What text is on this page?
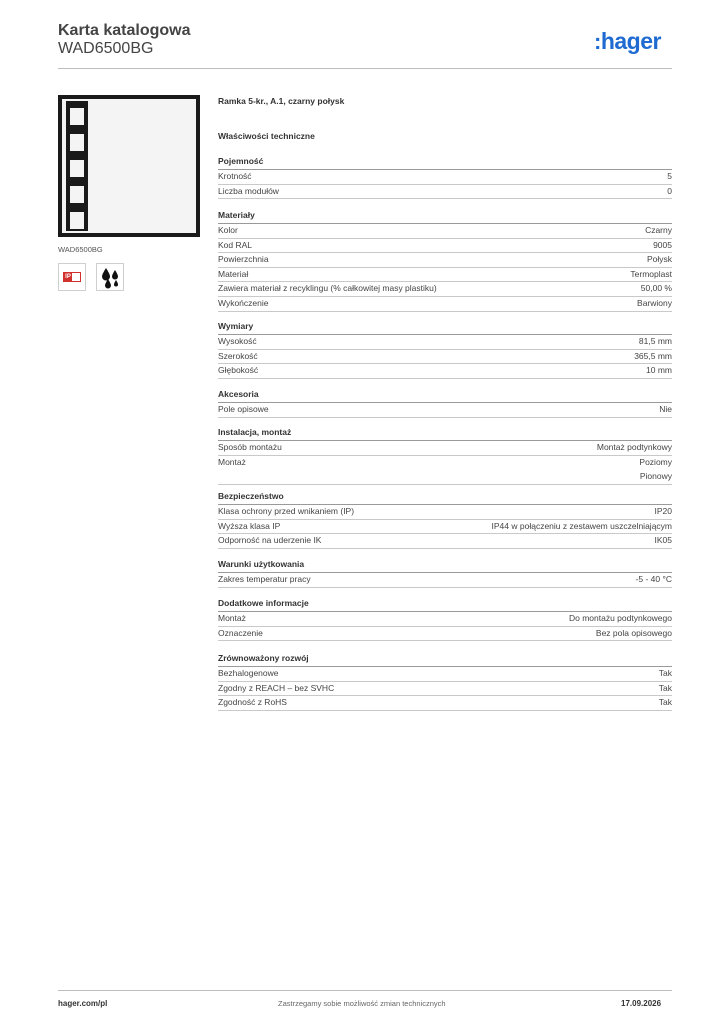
Karta katalogowa
WAD6500BG	:hager
WAD6500BG
IP
Ramka 5-kr., A.1, czarny połysk
Właściwości techniczne
Pojemność
Krotność	5
Liczba modułów	0
Materiały
Kolor	Czarny
Kod RAL	9005
Powierzchnia	Połysk
Materiał	Termoplast
Zawiera materiał z recyklingu (% całkowitej masy plastiku)	50,00 %
Wykończenie	Barwiony
Wymiary
Wysokość	81,5 mm
Szerokość	365,5 mm
Głębokość	10 mm
Akcesoria
Pole opisowe	Nie
Instalacja, montaż
Sposób montażu	Montaż podtynkowy
Montaż	Poziomy
Pionowy
Bezpieczeństwo
Klasa ochrony przed wnikaniem (IP)	IP20
Wyższa klasa IP	IP44 w połączeniu z zestawem uszczelniającym
Odporność na uderzenie IK	IK05
Warunki użytkowania
Zakres temperatur pracy	-5 - 40 °C
Dodatkowe informacje
Montaż	Do montażu podtynkowego
Oznaczenie	Bez pola opisowego
Zrównoważony rozwój
Bezhalogenowe	Tak
Zgodny z REACH – bez SVHC	Tak
Zgodność z RoHS	Tak
hager.com/pl	Zastrzegamy sobie możliwość zmian technicznych	17.09.2026
